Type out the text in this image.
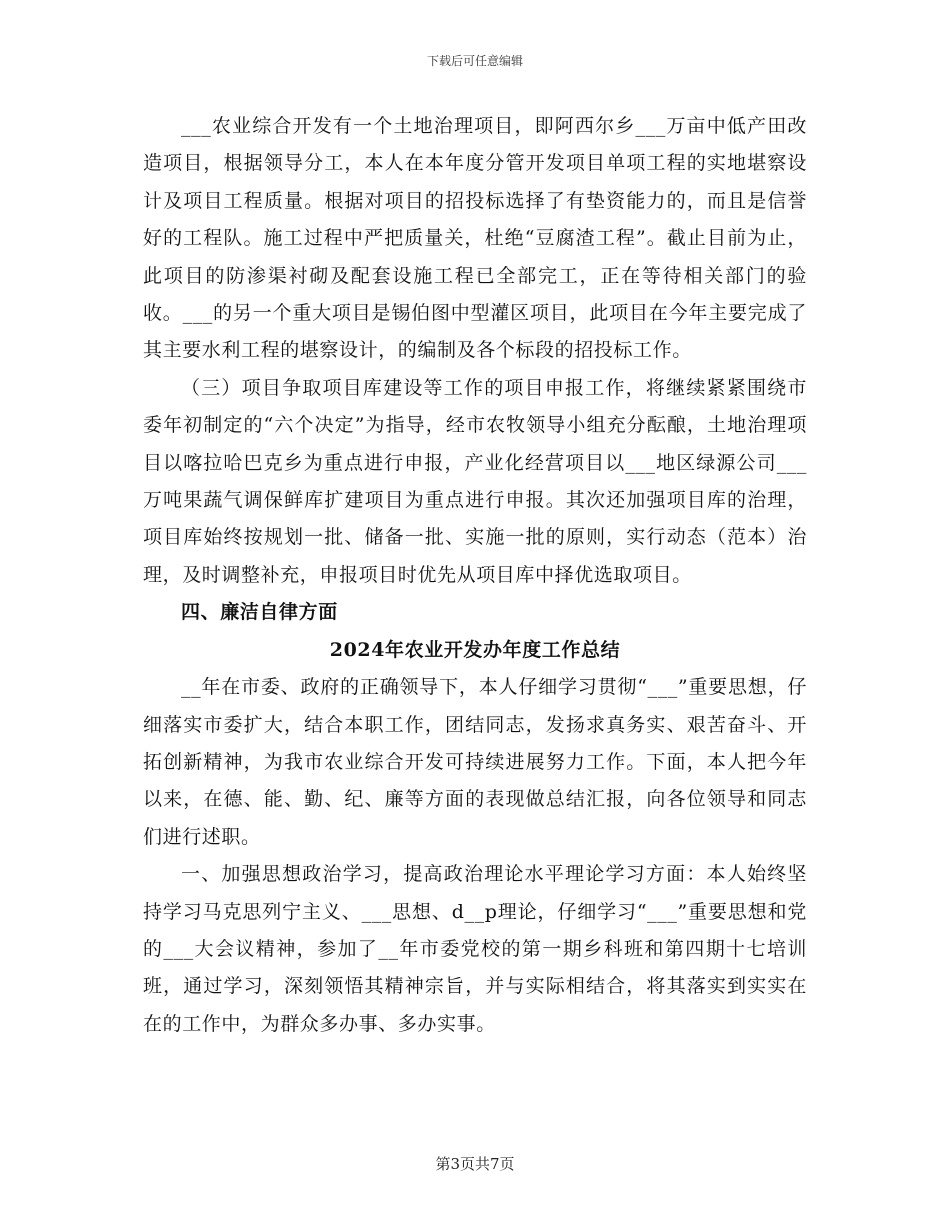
下载后可任意编辑

___农业综合开发有一个土地治理项目，即阿西尔乡___万亩中低产田改造项目，根据领导分工，本人在本年度分管开发项目单项工程的实地堪察设计及项目工程质量。根据对项目的招投标选择了有垫资能力的，而且是信誉好的工程队。施工过程中严把质量关，杜绝“豆腐渣工程”。截止目前为止，此项目的防渗渠衬砌及配套设施工程已全部完工，正在等待相关部门的验收。___的另一个重大项目是锡伯图中型灌区项目，此项目在今年主要完成了其主要水利工程的堪察设计，的编制及各个标段的招投标工作。

（三）项目争取项目库建设等工作的项目申报工作，将继续紧紧围绕市委年初制定的“六个决定”为指导，经市农牧领导小组充分酝酿，土地治理项目以喀拉哈巴克乡为重点进行申报，产业化经营项目以___地区绿源公司___万吨果蔬气调保鲜库扩建项目为重点进行申报。其次还加强项目库的治理，项目库始终按规划一批、储备一批、实施一批的原则，实行动态（范本）治理，及时调整补充，申报项目时优先从项目库中择优选取项目。

四、廉洁自律方面

2024年农业开发办年度工作总结

__年在市委、政府的正确领导下，本人仔细学习贯彻“___”重要思想，仔细落实市委扩大，结合本职工作，团结同志，发扬求真务实、艰苦奋斗、开拓创新精神，为我市农业综合开发可持续进展努力工作。下面，本人把今年以来，在德、能、勤、纪、廉等方面的表现做总结汇报，向各位领导和同志们进行述职。

一、加强思想政治学习，提高政治理论水平理论学习方面：本人始终坚持学习马克思列宁主义、___思想、d__p理论，仔细学习“___”重要思想和党的___大会议精神，参加了__年市委党校的第一期乡科班和第四期十七培训班，通过学习，深刻领悟其精神宗旨，并与实际相结合，将其落实到实实在在的工作中，为群众多办事、多办实事。

第3页共7页
